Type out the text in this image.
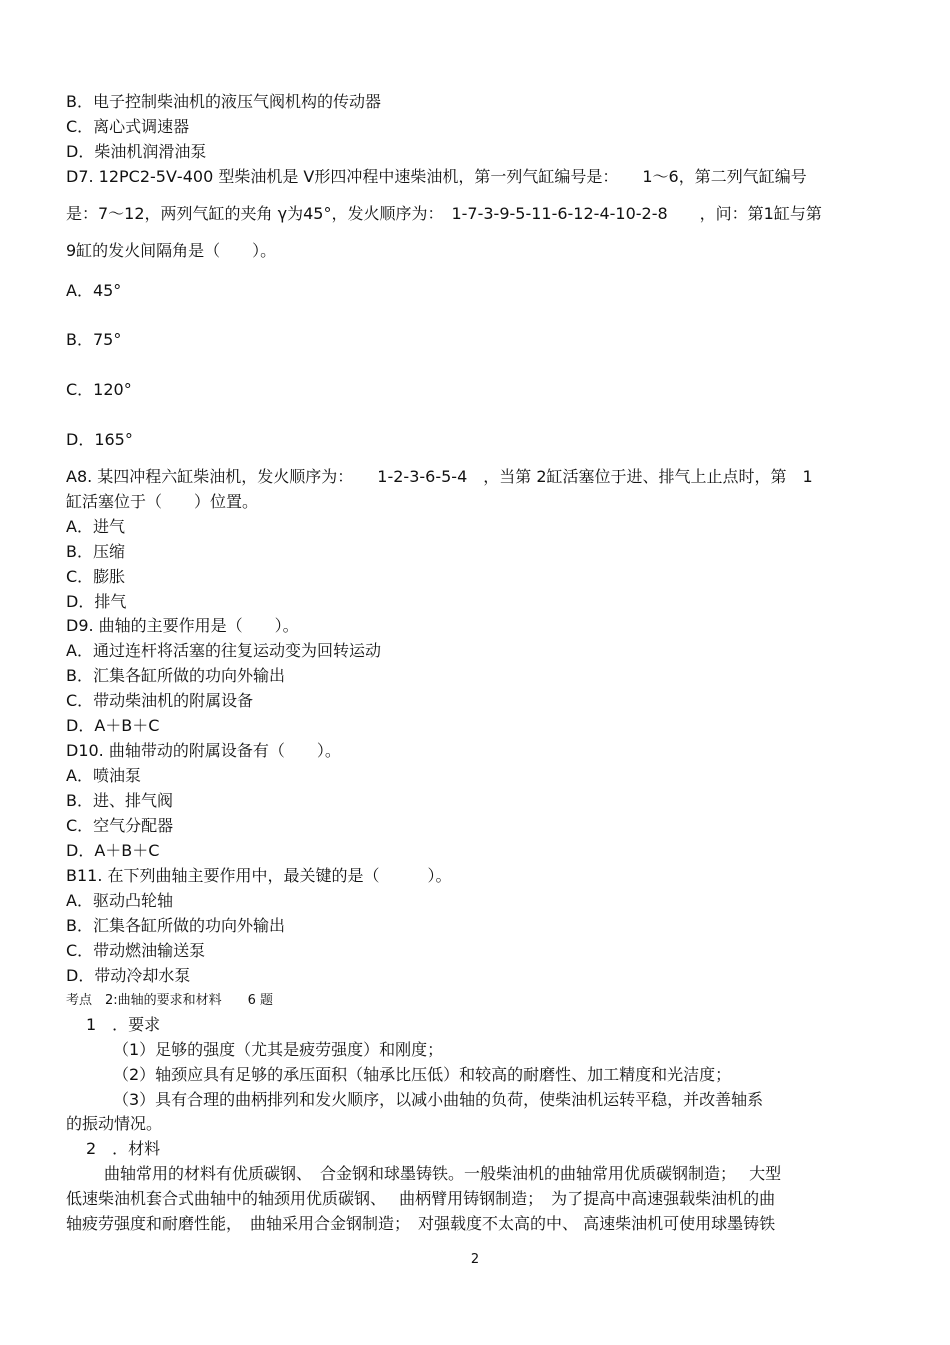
B．电子控制柴油机的液压气阀机构的传动器
C．离心式调速器
D．柴油机润滑油泵
D7. 12PC2-5Ⅴ-400 型柴油机是 V形四冲程中速柴油机，第一列气缸编号是：　　1～6，第二列气缸编号
是：7～12，两列气缸的夹角 γ为45°，发火顺序为：　1-7-3-9-5-11-6-12-4-10-2-8　　，问：第1缸与第
9缸的发火间隔角是（　　）。
A．45°
B．75°
C．120°
D．165°
A8. 某四冲程六缸柴油机，发火顺序为：　　1-2-3-6-5-4　，当第 2缸活塞位于进、排气上止点时，第　1
缸活塞位于（　　）位置。
A．进气
B．压缩
C．膨胀
D．排气
D9. 曲轴的主要作用是（　　）。
A．通过连杆将活塞的往复运动变为回转运动
B．汇集各缸所做的功向外输出
C．带动柴油机的附属设备
D．A＋B＋C
D10. 曲轴带动的附属设备有（　　）。
A．喷油泵
B．进、排气阀
C．空气分配器
D．A＋B＋C
B11. 在下列曲轴主要作用中，最关键的是（　　　）。
A．驱动凸轮轴
B．汇集各缸所做的功向外输出
C．带动燃油输送泵
D．带动冷却水泵
考点　2:曲轴的要求和材料　　6 题
1　．要求
（1）足够的强度（尤其是疲劳强度）和刚度；
（2）轴颈应具有足够的承压面积（轴承比压低）和较高的耐磨性、加工精度和光洁度；
（3）具有合理的曲柄排列和发火顺序，以减小曲轴的负荷，使柴油机运转平稳，并改善轴系
的振动情况。
2　．材料
曲轴常用的材料有优质碳钢、　合金钢和球墨铸铁。一般柴油机的曲轴常用优质碳钢制造；　 大型
低速柴油机套合式曲轴中的轴颈用优质碳钢、　 曲柄臂用铸钢制造；　为了提高中高速强载柴油机的曲
轴疲劳强度和耐磨性能，　曲轴采用合金钢制造；　对强载度不太高的中、 高速柴油机可使用球墨铸铁
2
